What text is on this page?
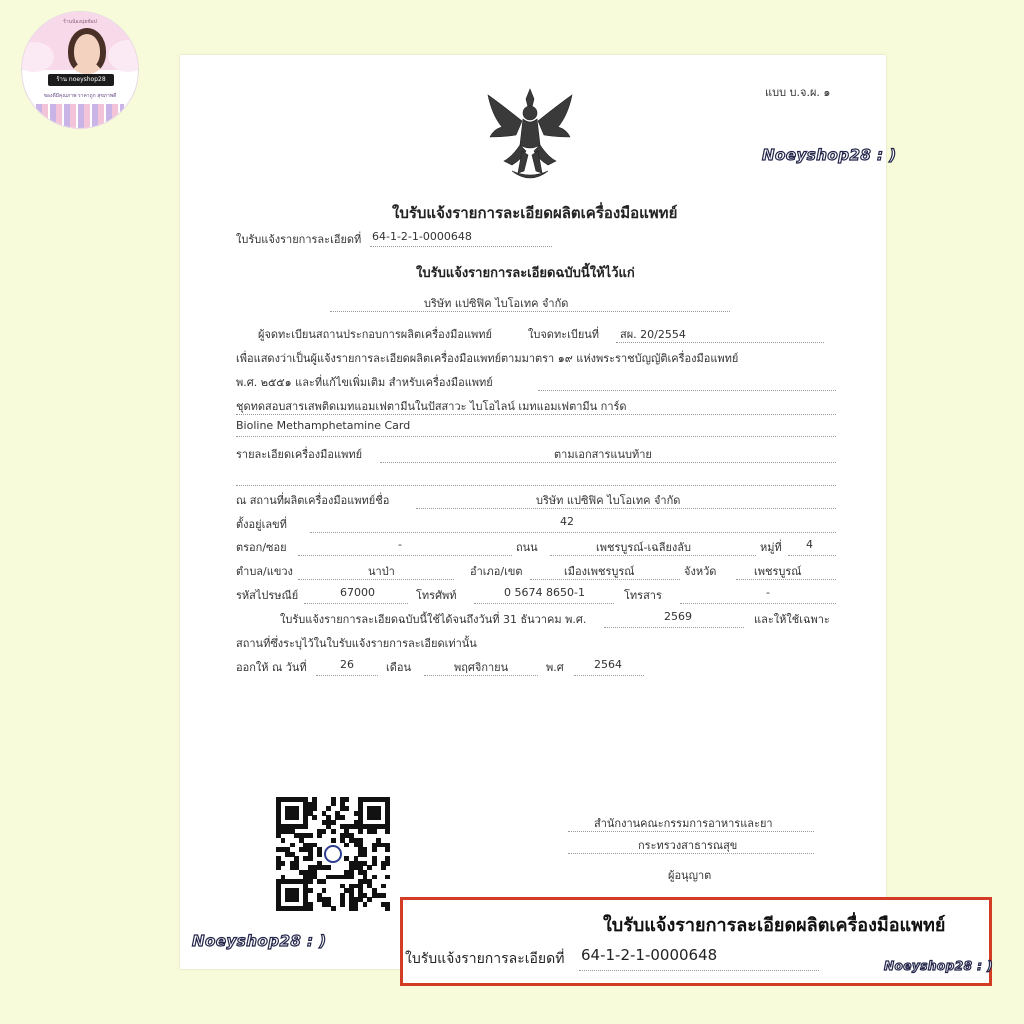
ร้านน้องนุ่ยช้อป
ร้าน noeyshop28
ของดีมีคุณภาพ ราคาถูก สุขภาพดี	แบบ บ.จ.ผ. ๑
ใบรับแจ้งรายการละเอียดผลิตเครื่องมือแพทย์
ใบรับแจ้งรายการละเอียดที่ 64-1-2-1-0000648
ใบรับแจ้งรายการละเอียดฉบับนี้ให้ไว้แก่
บริษัท แปซิฟิค ไบโอเทค จำกัด
ผู้จดทะเบียนสถานประกอบการผลิตเครื่องมือแพทย์	ใบจดทะเบียนที่ สผ. 20/2554
เพื่อแสดงว่าเป็นผู้แจ้งรายการละเอียดผลิตเครื่องมือแพทย์ตามมาตรา ๑๙ แห่งพระราชบัญญัติเครื่องมือแพทย์
พ.ศ. ๒๕๕๑ และที่แก้ไขเพิ่มเติม สำหรับเครื่องมือแพทย์
ชุดทดสอบสารเสพติดเมทแอมเฟตามีนในปัสสาวะ ไบโอไลน์ เมทแอมเฟตามีน การ์ด
Bioline Methamphetamine Card
รายละเอียดเครื่องมือแพทย์	ตามเอกสารแนบท้าย
ณ สถานที่ผลิตเครื่องมือแพทย์ชื่อ	บริษัท แปซิฟิค ไบโอเทค จำกัด
ตั้งอยู่เลขที่	42
ตรอก/ซอย	-	ถนน	เพชรบูรณ์-เฉลียงลับ	หมู่ที่ 4
ตำบล/แขวง	นาป่า	อำเภอ/เขต	เมืองเพชรบูรณ์	จังหวัด	เพชรบูรณ์
รหัสไปรษณีย์	67000	โทรศัพท์	0 5674 8650-1	โทรสาร	-
ใบรับแจ้งรายการละเอียดฉบับนี้ใช้ได้จนถึงวันที่ 31 ธันวาคม พ.ศ.	2569	และให้ใช้เฉพาะ
สถานที่ซึ่งระบุไว้ในใบรับแจ้งรายการละเอียดเท่านั้น
ออกให้ ณ วันที่	26	เดือน	พฤศจิกายน	พ.ศ	2564
สำนักงานคณะกรรมการอาหารและยา
กระทรวงสาธารณสุข
ผู้อนุญาต
Noeyshop28 : )
Noeyshop28 : )
ใบรับแจ้งรายการละเอียดผลิตเครื่องมือแพทย์
ใบรับแจ้งรายการละเอียดที่ 64-1-2-1-0000648
Noeyshop28 : )
